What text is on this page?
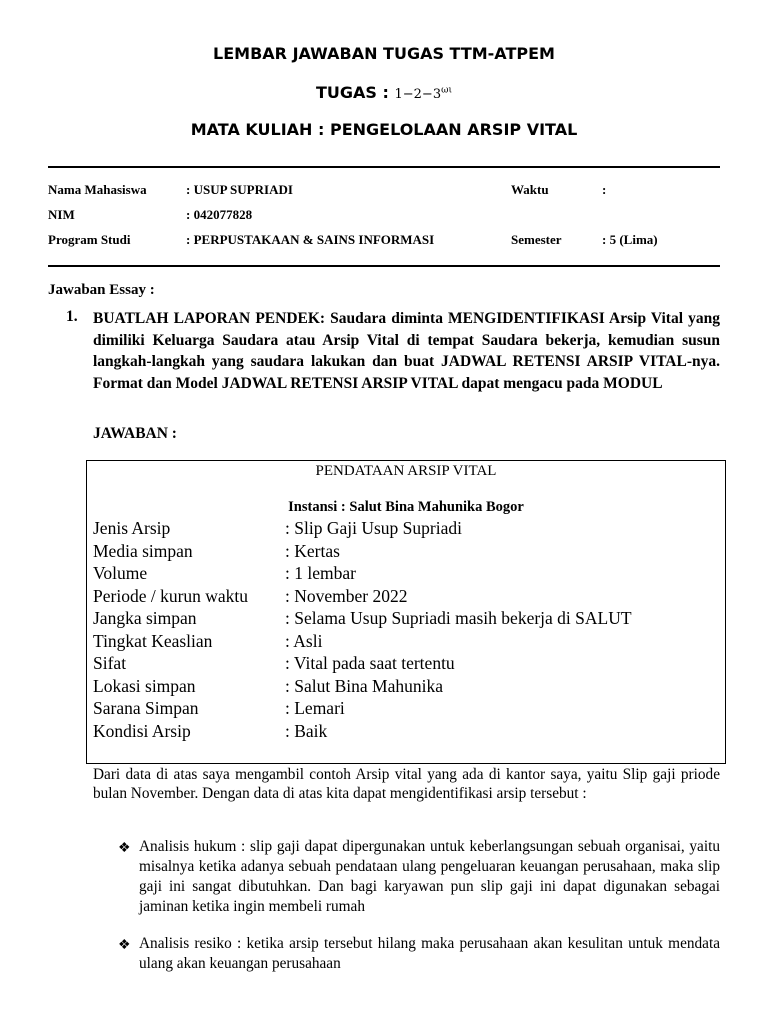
LEMBAR JAWABAN TUGAS TTM-ATPEM
TUGAS : $1-2-3^{\omega\iota}$
MATA KULIAH : PENGELOLAAN ARSIP VITAL
Nama Mahasiswa	: USUP SUPRIADI	Waktu	:
NIM	: 042077828
Program Studi	: PERPUSTAKAAN & SAINS INFORMASI	Semester	: 5 (Lima)
Jawaban Essay :
1. BUATLAH LAPORAN PENDEK: Saudara diminta MENGIDENTIFIKASI Arsip Vital yang dimiliki Keluarga Saudara atau Arsip Vital di tempat Saudara bekerja, kemudian susun langkah-langkah yang saudara lakukan dan buat JADWAL RETENSI ARSIP VITAL-nya. Format dan Model JADWAL RETENSI ARSIP VITAL dapat mengacu pada MODUL
JAWABAN :
PENDATAAN ARSIP VITAL
Instansi : Salut Bina Mahunika Bogor
Jenis Arsip	: Slip Gaji Usup Supriadi
Media simpan	: Kertas
Volume	: 1 lembar
Periode / kurun waktu : November 2022
Jangka simpan	: Selama Usup Supriadi masih bekerja di SALUT
Tingkat Keaslian	: Asli
Sifat	: Vital pada saat tertentu
Lokasi simpan	: Salut Bina Mahunika
Sarana Simpan	: Lemari
Kondisi Arsip	: Baik
Dari data di atas saya mengambil contoh Arsip vital yang ada di kantor saya, yaitu Slip gaji priode bulan November. Dengan data di atas kita dapat mengidentifikasi arsip tersebut :
❖ Analisis hukum : slip gaji dapat dipergunakan untuk keberlangsungan sebuah organisai, yaitu misalnya ketika adanya sebuah pendataan ulang pengeluaran keuangan perusahaan, maka slip gaji ini sangat dibutuhkan. Dan bagi karyawan pun slip gaji ini dapat digunakan sebagai jaminan ketika ingin membeli rumah
❖ Analisis resiko : ketika arsip tersebut hilang maka perusahaan akan kesulitan untuk mendata ulang akan keuangan perusahaan
